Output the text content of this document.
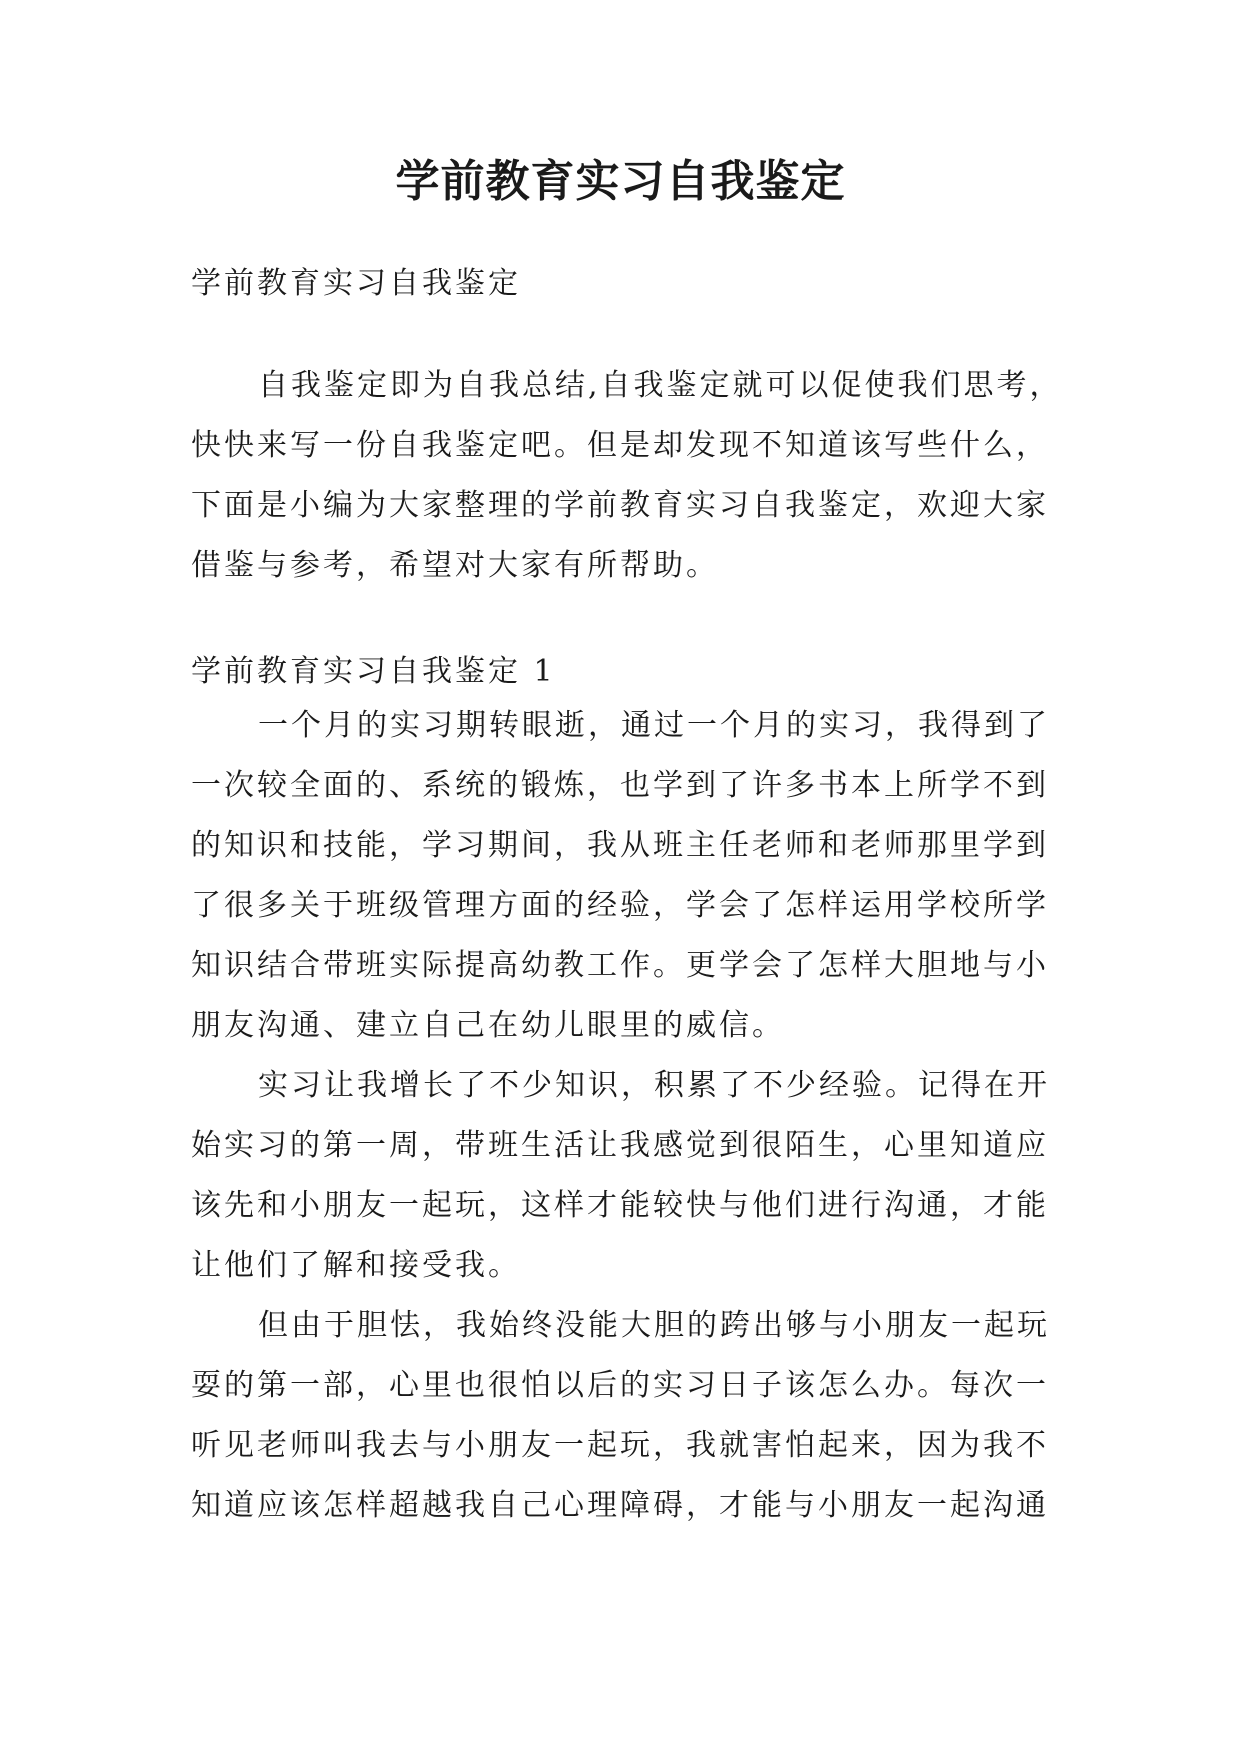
学前教育实习自我鉴定

学前教育实习自我鉴定

自我鉴定即为自我总结,自我鉴定就可以促使我们思考，

快快来写一份自我鉴定吧。但是却发现不知道该写些什么，

下面是小编为大家整理的学前教育实习自我鉴定，欢迎大家

借鉴与参考，希望对大家有所帮助。

学前教育实习自我鉴定 1

一个月的实习期转眼逝，通过一个月的实习，我得到了

一次较全面的、系统的锻炼，也学到了许多书本上所学不到

的知识和技能，学习期间，我从班主任老师和老师那里学到

了很多关于班级管理方面的经验，学会了怎样运用学校所学

知识结合带班实际提高幼教工作。更学会了怎样大胆地与小

朋友沟通、建立自己在幼儿眼里的威信。

实习让我增长了不少知识，积累了不少经验。记得在开

始实习的第一周，带班生活让我感觉到很陌生，心里知道应

该先和小朋友一起玩，这样才能较快与他们进行沟通，才能

让他们了解和接受我。

但由于胆怯，我始终没能大胆的跨出够与小朋友一起玩

耍的第一部，心里也很怕以后的实习日子该怎么办。每次一

听见老师叫我去与小朋友一起玩，我就害怕起来，因为我不

知道应该怎样超越我自己心理障碍，才能与小朋友一起沟通
